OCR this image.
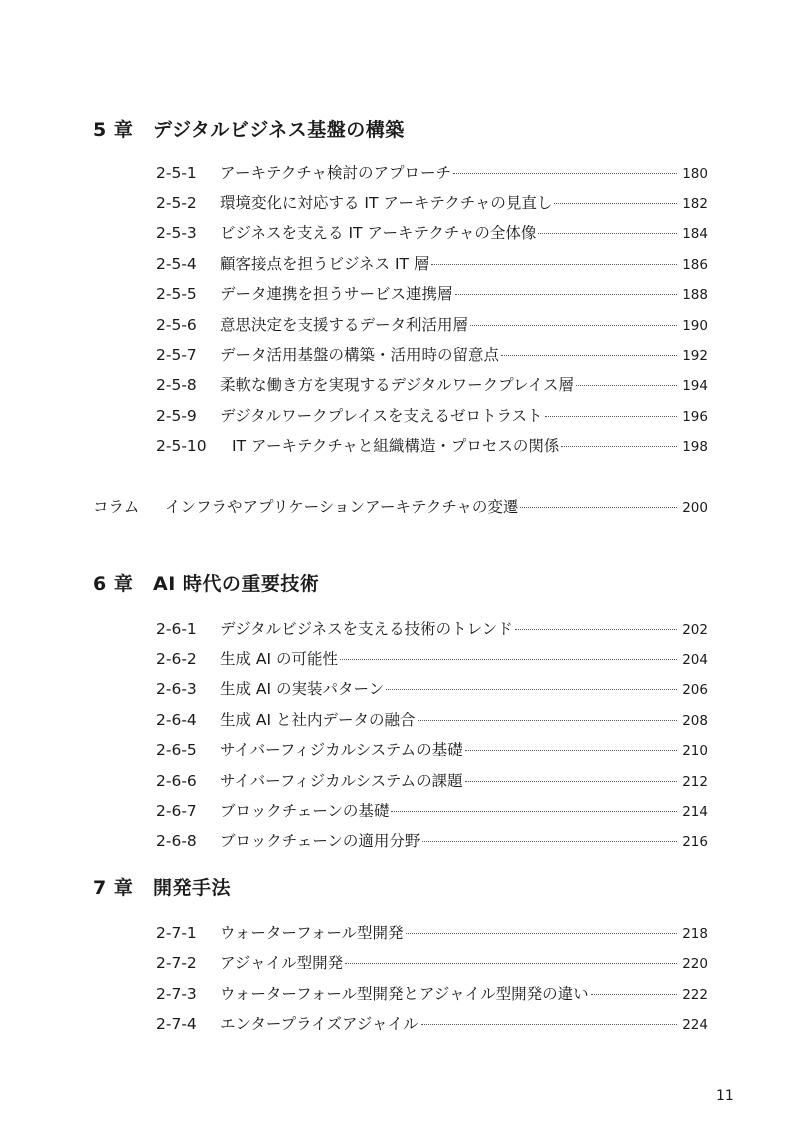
5 章 デジタルビジネス基盤の構築
2-5-1	アーキテクチャ検討のアプローチ	180
2-5-2	環境変化に対応する IT アーキテクチャの見直し	182
2-5-3	ビジネスを支える IT アーキテクチャの全体像	184
2-5-4	顧客接点を担うビジネス IT 層	186
2-5-5	データ連携を担うサービス連携層	188
2-5-6	意思決定を支援するデータ利活用層	190
2-5-7	データ活用基盤の構築・活用時の留意点	192
2-5-8	柔軟な働き方を実現するデジタルワークプレイス層	194
2-5-9	デジタルワークプレイスを支えるゼロトラスト	196
2-5-10	IT アーキテクチャと組織構造・プロセスの関係	198
コラム	インフラやアプリケーションアーキテクチャの変遷	200
6 章 AI 時代の重要技術
2-6-1	デジタルビジネスを支える技術のトレンド	202
2-6-2	生成 AI の可能性	204
2-6-3	生成 AI の実装パターン	206
2-6-4	生成 AI と社内データの融合	208
2-6-5	サイバーフィジカルシステムの基礎	210
2-6-6	サイバーフィジカルシステムの課題	212
2-6-7	ブロックチェーンの基礎	214
2-6-8	ブロックチェーンの適用分野	216
7 章 開発手法
2-7-1	ウォーターフォール型開発	218
2-7-2	アジャイル型開発	220
2-7-3	ウォーターフォール型開発とアジャイル型開発の違い	222
2-7-4	エンタープライズアジャイル	224
11
